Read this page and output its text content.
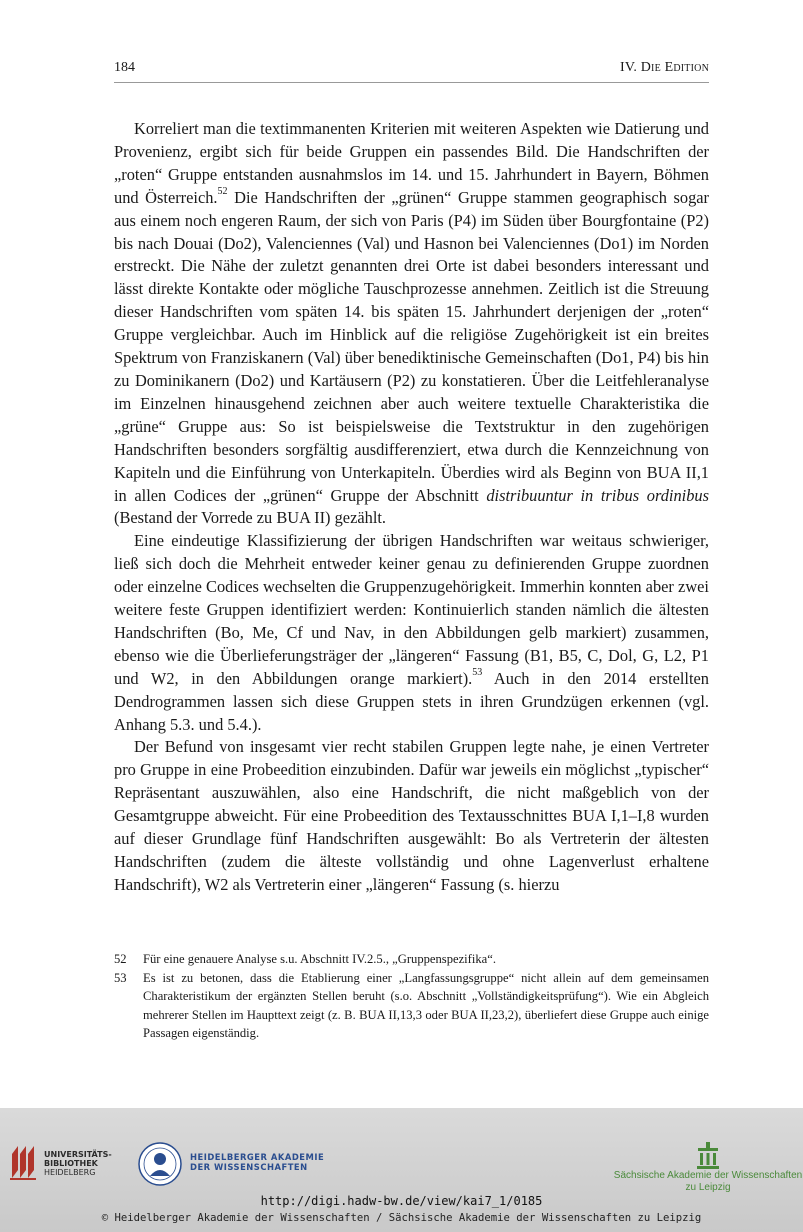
184	IV. Die Edition

Korreliert man die textimmanenten Kriterien mit weiteren Aspekten wie Datierung und Provenienz, ergibt sich für beide Gruppen ein passendes Bild. Die Handschriften der „roten“ Gruppe entstanden ausnahmslos im 14. und 15. Jahrhundert in Bayern, Böhmen und Österreich.$^{52}$ Die Handschriften der „grünen“ Gruppe stammen geographisch sogar aus einem noch engeren Raum, der sich von Paris (P4) im Süden über Bourgfontaine (P2) bis nach Douai (Do2), Valenciennes (Val) und Hasnon bei Valenciennes (Do1) im Norden erstreckt. Die Nähe der zuletzt genannten drei Orte ist dabei besonders interessant und lässt direkte Kontakte oder mögliche Tauschprozesse annehmen. Zeitlich ist die Streuung dieser Handschriften vom späten 14. bis späten 15. Jahrhundert derjenigen der „roten“ Gruppe vergleichbar. Auch im Hinblick auf die religiöse Zugehörigkeit ist ein breites Spektrum von Franziskanern (Val) über benediktinische Gemeinschaften (Do1, P4) bis hin zu Dominikanern (Do2) und Kartäusern (P2) zu konstatieren. Über die Leitfehleranalyse im Einzelnen hinausgehend zeichnen aber auch weitere textuelle Charakteristika die „grüne“ Gruppe aus: So ist beispielsweise die Textstruktur in den zugehörigen Handschriften besonders sorgfältig ausdifferenziert, etwa durch die Kennzeichnung von Kapiteln und die Einführung von Unterkapiteln. Überdies wird als Beginn von BUA II,1 in allen Codices der „grünen“ Gruppe der Abschnitt distribuuntur in tribus ordinibus (Bestand der Vorrede zu BUA II) gezählt.

Eine eindeutige Klassifizierung der übrigen Handschriften war weitaus schwieriger, ließ sich doch die Mehrheit entweder keiner genau zu definierenden Gruppe zuordnen oder einzelne Codices wechselten die Gruppenzugehörigkeit. Immerhin konnten aber zwei weitere feste Gruppen identifiziert werden: Kontinuierlich standen nämlich die ältesten Handschriften (Bo, Me, Cf und Nav, in den Abbildungen gelb markiert) zusammen, ebenso wie die Überlieferungsträger der „längeren“ Fassung (B1, B5, C, Dol, G, L2, P1 und W2, in den Abbildungen orange markiert).$^{53}$ Auch in den 2014 erstellten Dendrogrammen lassen sich diese Gruppen stets in ihren Grundzügen erkennen (vgl. Anhang 5.3. und 5.4.).

Der Befund von insgesamt vier recht stabilen Gruppen legte nahe, je einen Vertreter pro Gruppe in eine Probeedition einzubinden. Dafür war jeweils ein möglichst „typischer“ Repräsentant auszuwählen, also eine Handschrift, die nicht maßgeblich von der Gesamtgruppe abweicht. Für eine Probeedition des Textausschnittes BUA I,1–I,8 wurden auf dieser Grundlage fünf Handschriften ausgewählt: Bo als Vertreterin der ältesten Handschriften (zudem die älteste vollständig und ohne Lagenverlust erhaltene Handschrift), W2 als Vertreterin einer „längeren“ Fassung (s. hierzu

52 Für eine genauere Analyse s.u. Abschnitt IV.2.5., „Gruppenspezifika“.

53 Es ist zu betonen, dass die Etablierung einer „Langfassungsgruppe“ nicht allein auf dem gemeinsamen Charakteristikum der ergänzten Stellen beruht (s.o. Abschnitt „Vollständigkeitsprüfung“). Wie ein Abgleich mehrerer Stellen im Haupttext zeigt (z. B. BUA II,13,3 oder BUA II,23,2), überliefert diese Gruppe auch einige Passagen eigenständig.

UNIVERSITÄTS-
BIBLIOTHEK
HEIDELBERG
HEIDELBERGER AKADEMIE
DER WISSENSCHAFTEN
Sächsische Akademie der Wissenschaften
zu Leipzig
http://digi.hadw-bw.de/view/kai7_1/0185
© Heidelberger Akademie der Wissenschaften / Sächsische Akademie der Wissenschaften zu Leipzig
